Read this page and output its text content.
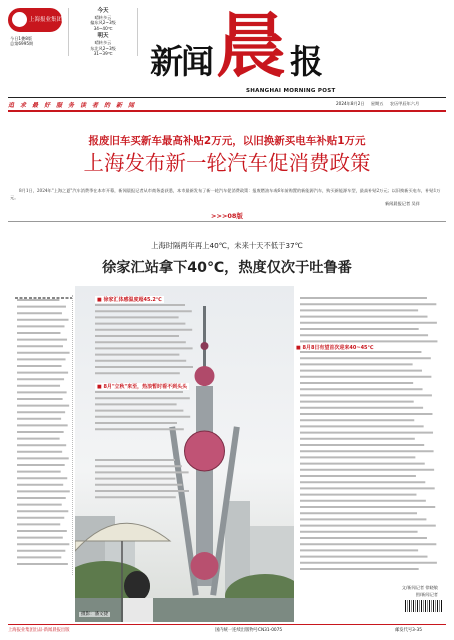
上海报业集团
今日1叠8版
总第6995期
今天
晴转多云
偏东风2~3级
34~40℃
明天
晴转多云
东北风2~3级
31~39℃	新闻 晨 报
SHANGHAI MORNING POST
追求最好服务读者的新闻	2024年8月2日 星期五 农历甲辰年六月
报废旧车买新车最高补贴2万元，以旧换新买电车补贴1万元
上海发布新一轮汽车促消费政策
8月1日，2024年"上海之夏"汽车消费季在本市开幕，新闻晨报记者从市商务委获悉，本市最新发布了新一轮汽车促消费政策：报废燃油车或6年前购置的新能源汽车，购买新能源车型，最高补贴2万元；以旧换新买电车，补贴1万元。
新闻晨报记者 吴祥
>>>08版
上海时隔两年再上40℃，未来十天不低于37℃
徐家汇站拿下40℃，热度仅次于吐鲁番
摄影：潘文捷
■ 徐家汇体感温度超45.2℃
■ 8月"立秋"来至，热浪暂时看不到头头
■ 8月8日有望首次迎来40~45℃
文/新闻记者 徐晓敏
图/新闻记者
上海报业集团出品·新闻晨报出版	国内统一连续出版物号CN31-0075	邮发代号3-35
